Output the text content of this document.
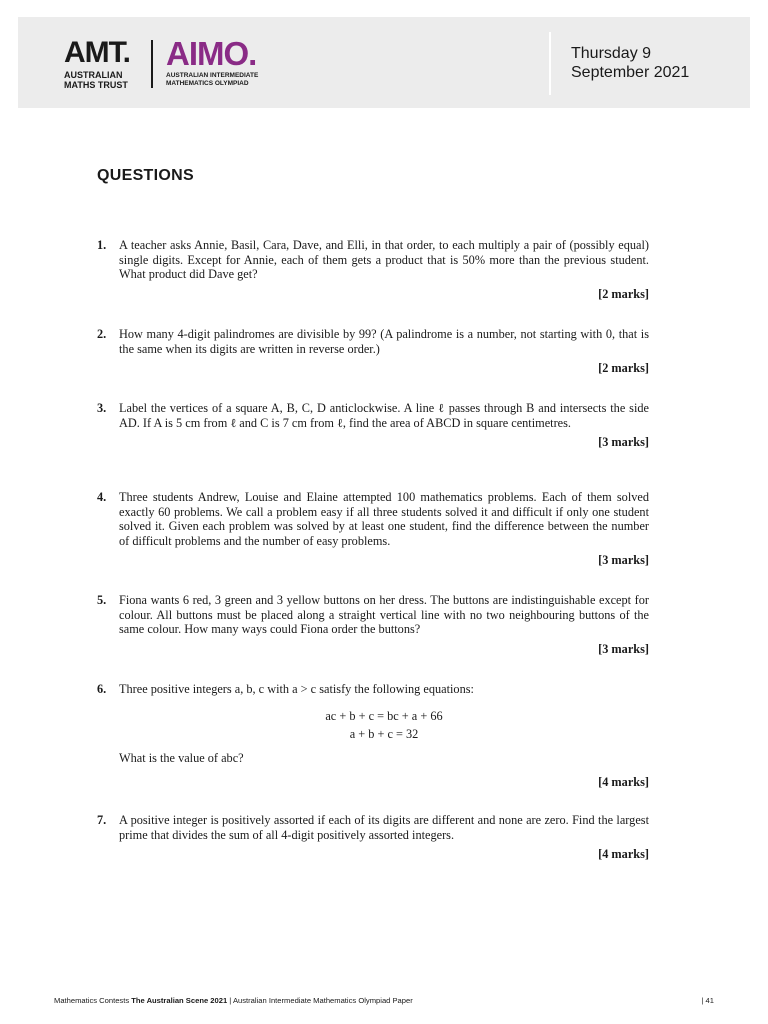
AMT.
AUSTRALIAN
MATHS TRUST
AIMO.
AUSTRALIAN INTERMEDIATE
MATHEMATICS OLYMPIAD
Thursday 9
September 2021
QUESTIONS
1. A teacher asks Annie, Basil, Cara, Dave, and Elli, in that order, to each multiply a pair of (possibly equal) single digits. Except for Annie, each of them gets a product that is 50% more than the previous student. What product did Dave get?
[2 marks]
2. How many 4-digit palindromes are divisible by 99? (A palindrome is a number, not starting with 0, that is the same when its digits are written in reverse order.)
[2 marks]
3. Label the vertices of a square A, B, C, D anticlockwise. A line ℓ passes through B and intersects the side AD. If A is 5 cm from ℓ and C is 7 cm from ℓ, find the area of ABCD in square centimetres.
[3 marks]
4. Three students Andrew, Louise and Elaine attempted 100 mathematics problems. Each of them solved exactly 60 problems. We call a problem easy if all three students solved it and difficult if only one student solved it. Given each problem was solved by at least one student, find the difference between the number of difficult problems and the number of easy problems.
[3 marks]
5. Fiona wants 6 red, 3 green and 3 yellow buttons on her dress. The buttons are indistinguishable except for colour. All buttons must be placed along a straight vertical line with no two neighbouring buttons of the same colour. How many ways could Fiona order the buttons?
[3 marks]
6. Three positive integers a, b, c with a > c satisfy the following equations:
ac + b + c = bc + a + 66
a + b + c = 32
What is the value of abc?
[4 marks]
7. A positive integer is positively assorted if each of its digits are different and none are zero. Find the largest prime that divides the sum of all 4-digit positively assorted integers.
[4 marks]
Mathematics Contests The Australian Scene 2021 | Australian Intermediate Mathematics Olympiad Paper	| 41
